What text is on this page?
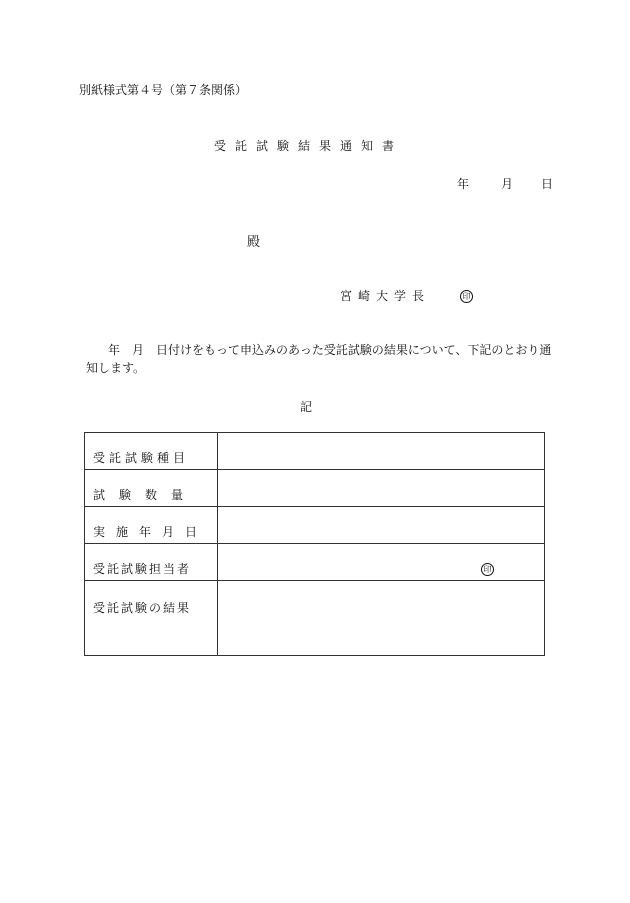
別紙様式第４号（第７条関係）
受託試験結果通知書
年	月 日
殿
宮崎大学長	印
年　月　日付けをもって申込みのあった受託試験の結果について、下記のとおり通知します。
記
受託試験種目	
試験数量	
実施年月日	
受託試験担当者	印

受託試験の結果	
